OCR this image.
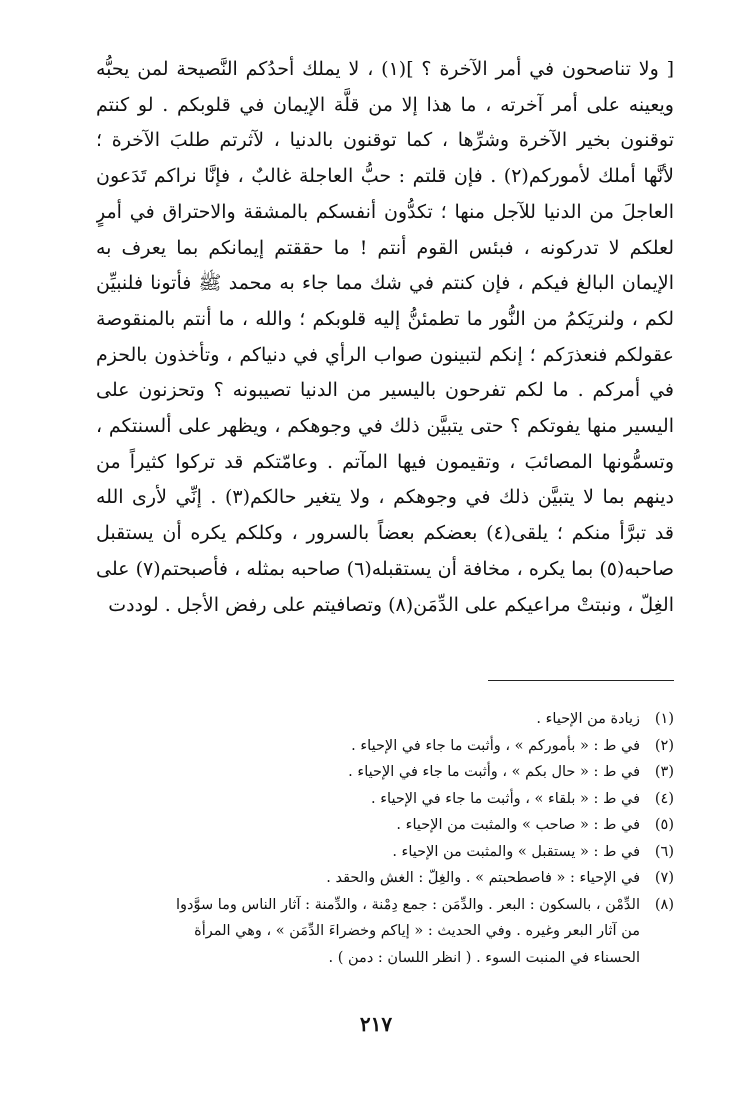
[ ولا تناصحون في أمر الآخرة ؟ ](١) ، لا يملك أحدُكم النَّصيحة لمن يحبُّه
ويعينه على أمر آخرته ، ما هذا إلا من قلَّة الإيمان في قلوبكم . لو كنتم
توقنون بخير الآخرة وشرِّها ، كما توقنون بالدنيا ، لآثرتم طلبَ الآخرة ؛
لأنَّها أملك لأموركم(٢) . فإن قلتم : حبُّ العاجلة غالبٌ ، فإنَّا نراكم تَدَعون
العاجلَ من الدنيا للآجل منها ؛ تكدُّون أنفسكم بالمشقة والاحتراق في أمرٍ
لعلكم لا تدركونه ، فبئس القوم أنتم ! ما حققتم إيمانكم بما يعرف به
الإيمان البالغ فيكم ، فإن كنتم في شك مما جاء به محمد ﷺ فأتونا فلنبيِّن
لكم ، ولنريَكمُ من النُّور ما تطمئنُّ إليه قلوبكم ؛ والله ، ما أنتم بالمنقوصة
عقولكم فنعذرَكم ؛ إنكم لتبينون صواب الرأي في دنياكم ، وتأخذون بالحزم
في أمركم . ما لكم تفرحون باليسير من الدنيا تصيبونه ؟ وتحزنون على
اليسير منها يفوتكم ؟ حتى يتبيَّن ذلك في وجوهكم ، ويظهر على ألسنتكم ،
وتسمُّونها المصائبَ ، وتقيمون فيها المآتم . وعامّتكم قد تركوا كثيراً من
دينهم بما لا يتبيَّن ذلك في وجوهكم ، ولا يتغير حالكم(٣) . إنِّي لأرى الله
قد تبرَّأ منكم ؛ يلقى(٤) بعضكم بعضاً بالسرور ، وكلكم يكره أن يستقبل
صاحبه(٥) بما يكره ، مخافة أن يستقبله(٦) صاحبه بمثله ، فأصبحتم(٧) على
الغِلّ ، ونبتتْ مراعيكم على الدِّمَن(٨) وتصافيتم على رفض الأجل . لوددت
(١)
زيادة من الإحياء .
(٢)
في ط : « بأموركم » ، وأثبت ما جاء في الإحياء .
(٣)
في ط : « حال بكم » ، وأثبت ما جاء في الإحياء .
(٤)
في ط : « بلقاء » ، وأثبت ما جاء في الإحياء .
(٥)
في ط : « صاحب » والمثبت من الإحياء .
(٦)
في ط : « يستقبل » والمثبت من الإحياء .
(٧)
في الإحياء : « فاصطحبتم » . والغِلّ : الغش والحقد .
(٨)
الدِّمْن ، بالسكون : البعر . والدِّمَن : جمع دِمْنة ، والدِّمنة : آثار الناس وما سوَّدوا
من آثار البعر وغيره . وفي الحديث : « إياكم وخضراءَ الدِّمَن » ، وهي المرأة
الحسناء في المنبت السوء . ( انظر اللسان : دمن ) .
٢١٧
